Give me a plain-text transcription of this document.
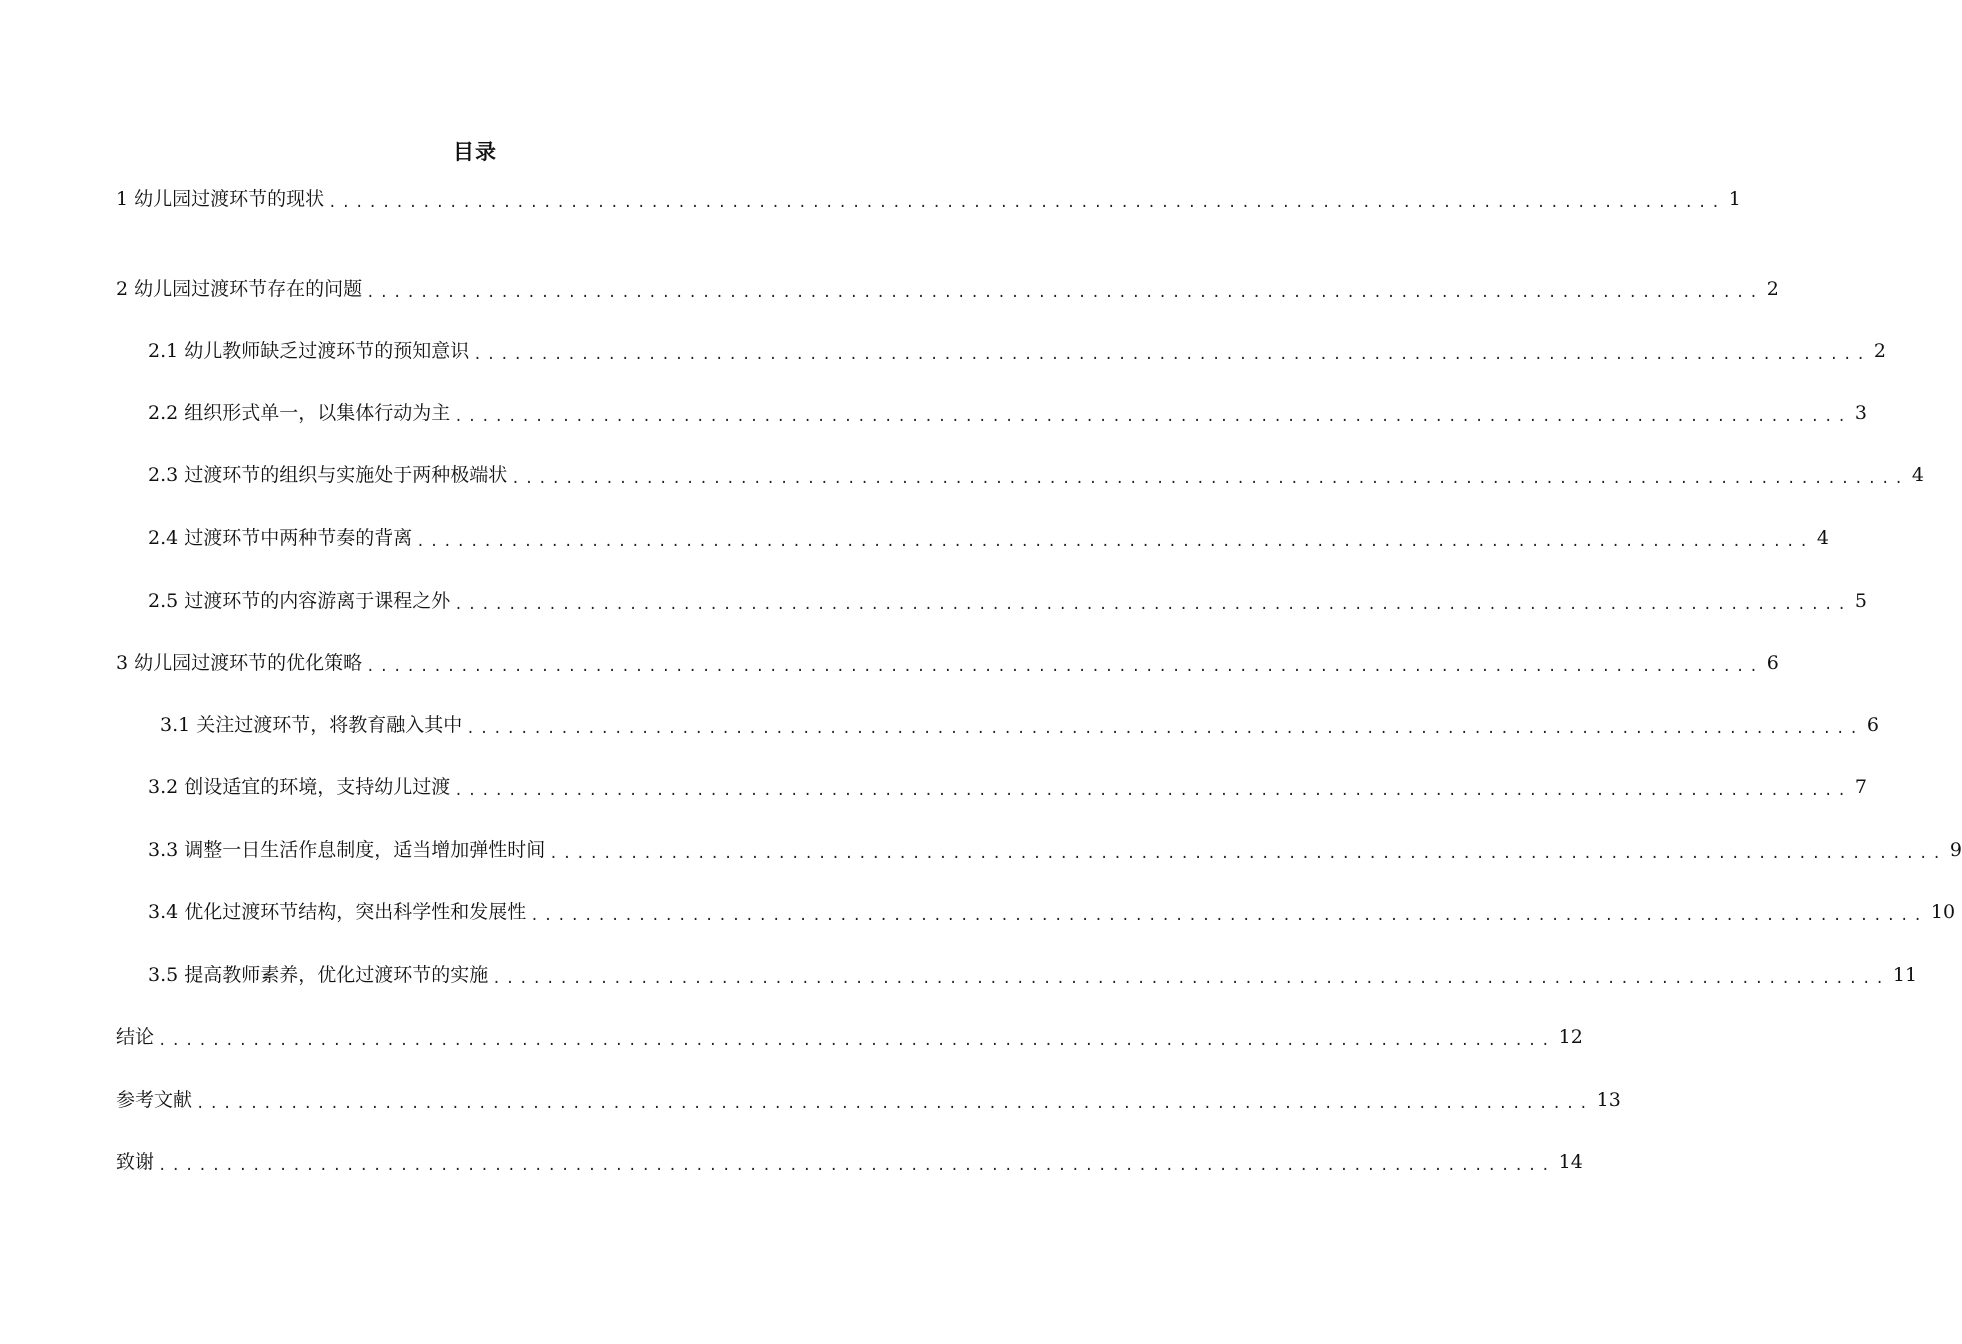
目录
1 幼儿园过渡环节的现状 ........................................................................................................ 1
2 幼儿园过渡环节存在的问题 ........................................................................................................ 2
2.1 幼儿教师缺乏过渡环节的预知意识 ........................................................................................................ 2
2.2 组织形式单一，以集体行动为主 ........................................................................................................ 3
2.3 过渡环节的组织与实施处于两种极端状 ........................................................................................................ 4
2.4 过渡环节中两种节奏的背离 ........................................................................................................ 4
2.5 过渡环节的内容游离于课程之外 ........................................................................................................ 5
3 幼儿园过渡环节的优化策略 ........................................................................................................ 6
3.1 关注过渡环节，将教育融入其中 ........................................................................................................ 6
3.2 创设适宜的环境，支持幼儿过渡 ........................................................................................................ 7
3.3 调整一日生活作息制度，适当增加弹性时间 ........................................................................................................ 9
3.4 优化过渡环节结构，突出科学性和发展性 ........................................................................................................ 10
3.5 提高教师素养，优化过渡环节的实施 ........................................................................................................ 11
结论 ........................................................................................................ 12
参考文献 ........................................................................................................ 13
致谢 ........................................................................................................ 14
